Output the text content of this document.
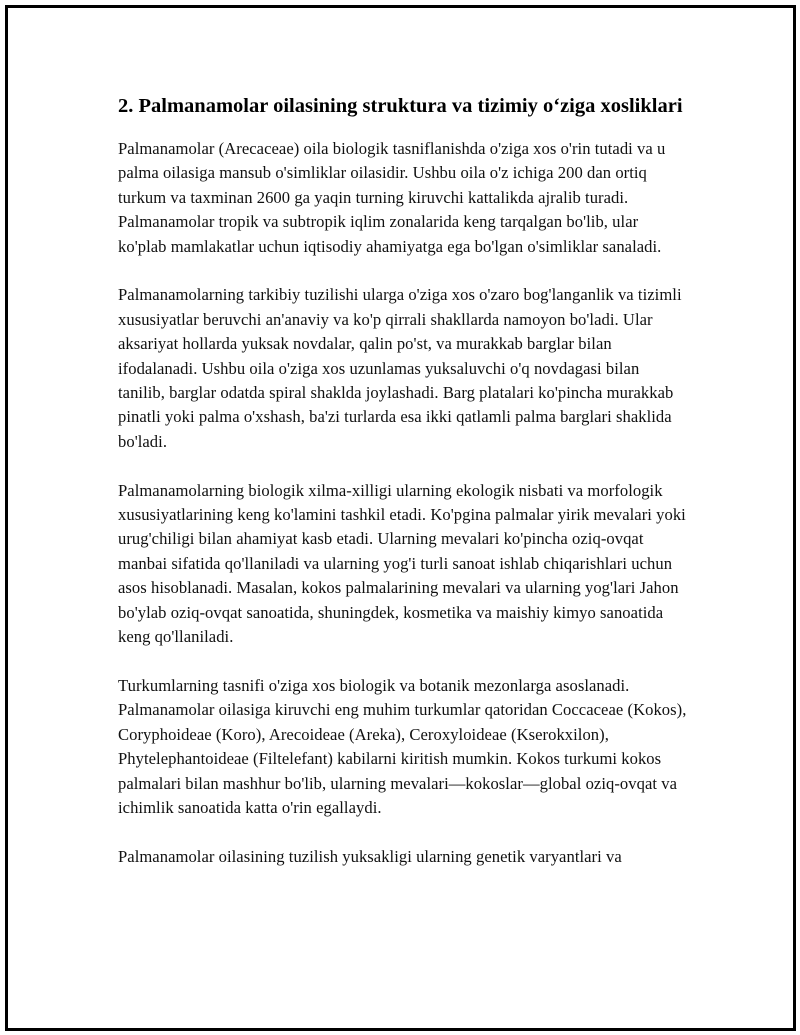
2. Palmanamolar oilasining struktura va tizimiy o‘ziga xosliklari

Palmanamolar (Arecaceae) oila biologik tasniflanishda o'ziga xos o'rin tutadi va u palma oilasiga mansub o'simliklar oilasidir. Ushbu oila o'z ichiga 200 dan ortiq turkum va taxminan 2600 ga yaqin turning kiruvchi kattalikda ajralib turadi. Palmanamolar tropik va subtropik iqlim zonalarida keng tarqalgan bo'lib, ular ko'plab mamlakatlar uchun iqtisodiy ahamiyatga ega bo'lgan o'simliklar sanaladi.

Palmanamolarning tarkibiy tuzilishi ularga o'ziga xos o'zaro bog'langanlik va tizimli xususiyatlar beruvchi an'anaviy va ko'p qirrali shakllarda namoyon bo'ladi. Ular aksariyat hollarda yuksak novdalar, qalin po'st, va murakkab barglar bilan ifodalanadi. Ushbu oila o'ziga xos uzunlamas yuksaluvchi o'q novdagasi bilan tanilib, barglar odatda spiral shaklda joylashadi. Barg platalari ko'pincha murakkab pinatli yoki palma o'xshash, ba'zi turlarda esa ikki qatlamli palma barglari shaklida bo'ladi.

Palmanamolarning biologik xilma-xilligi ularning ekologik nisbati va morfologik xususiyatlarining keng ko'lamini tashkil etadi. Ko'pgina palmalar yirik mevalari yoki urug'chiligi bilan ahamiyat kasb etadi. Ularning mevalari ko'pincha oziq-ovqat manbai sifatida qo'llaniladi va ularning yog'i turli sanoat ishlab chiqarishlari uchun asos hisoblanadi. Masalan, kokos palmalarining mevalari va ularning yog'lari Jahon bo'ylab oziq-ovqat sanoatida, shuningdek, kosmetika va maishiy kimyo sanoatida keng qo'llaniladi.

Turkumlarning tasnifi o'ziga xos biologik va botanik mezonlarga asoslanadi. Palmanamolar oilasiga kiruvchi eng muhim turkumlar qatoridan Coccaceae (Kokos), Coryphoideae (Koro), Arecoideae (Areka), Ceroxyloideae (Kserokxilon), Phytelephantoideae (Filtelefant) kabilarni kiritish mumkin. Kokos turkumi kokos palmalari bilan mashhur bo'lib, ularning mevalari—kokoslar—global oziq-ovqat va ichimlik sanoatida katta o'rin egallaydi.

Palmanamolar oilasining tuzilish yuksakligi ularning genetik varyantlari va
